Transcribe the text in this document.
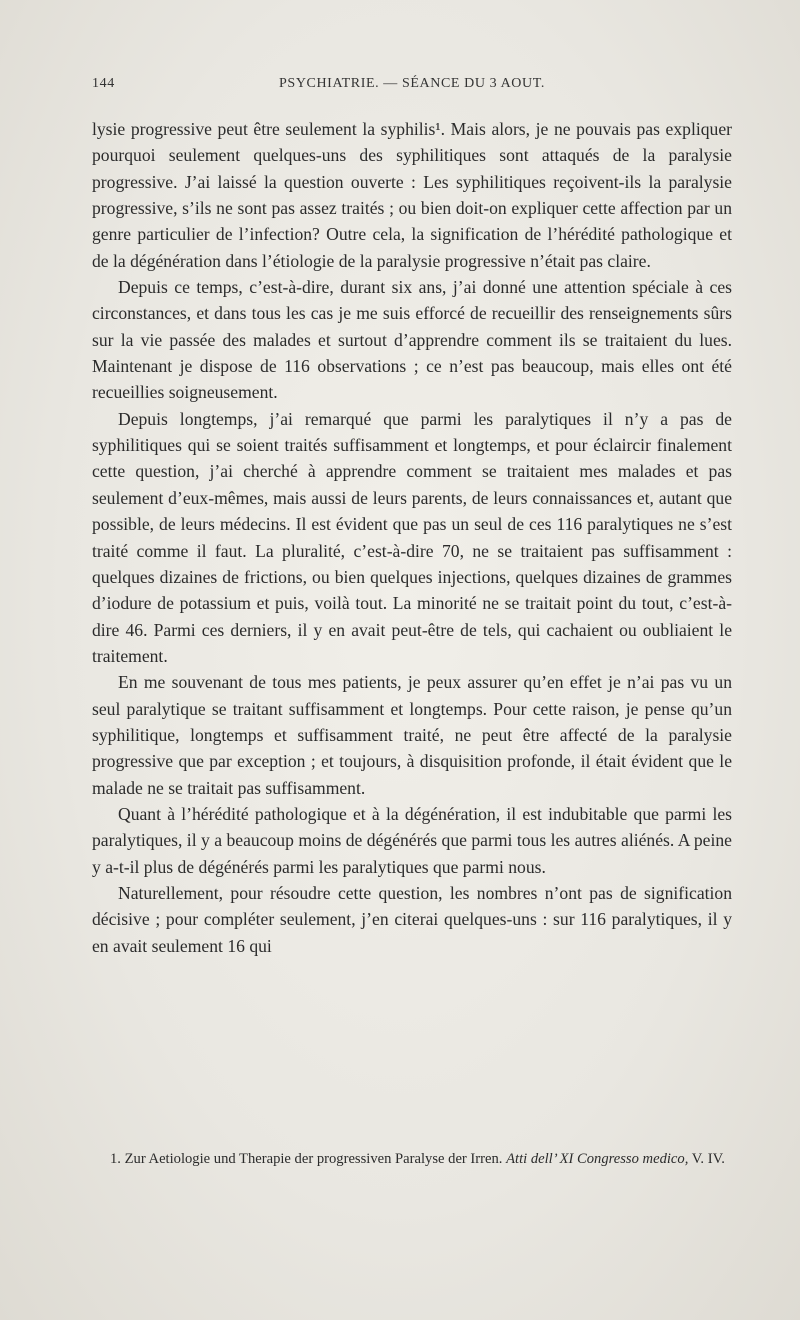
144	PSYCHIATRIE. — SÉANCE DU 3 AOUT.

lysie progressive peut être seulement la syphilis¹. Mais alors, je ne pouvais pas expliquer pourquoi seulement quelques-uns des syphilitiques sont attaqués de la paralysie progressive. J’ai laissé la question ouverte : Les syphilitiques reçoivent-ils la paralysie progressive, s’ils ne sont pas assez traités ; ou bien doit-on expliquer cette affection par un genre particulier de l’infection? Outre cela, la signification de l’hérédité pathologique et de la dégénération dans l’étiologie de la paralysie progressive n’était pas claire.

Depuis ce temps, c’est-à-dire, durant six ans, j’ai donné une attention spéciale à ces circonstances, et dans tous les cas je me suis efforcé de recueillir des renseignements sûrs sur la vie passée des malades et surtout d’apprendre comment ils se traitaient du lues. Maintenant je dispose de 116 observations ; ce n’est pas beaucoup, mais elles ont été recueillies soigneusement.

Depuis longtemps, j’ai remarqué que parmi les paralytiques il n’y a pas de syphilitiques qui se soient traités suffisamment et longtemps, et pour éclaircir finalement cette question, j’ai cherché à apprendre comment se traitaient mes malades et pas seulement d’eux-mêmes, mais aussi de leurs parents, de leurs connaissances et, autant que possible, de leurs médecins. Il est évident que pas un seul de ces 116 paralytiques ne s’est traité comme il faut. La pluralité, c’est-à-dire 70, ne se traitaient pas suffisamment : quelques dizaines de frictions, ou bien quelques injections, quelques dizaines de grammes d’iodure de potassium et puis, voilà tout. La minorité ne se traitait point du tout, c’est-à-dire 46. Parmi ces derniers, il y en avait peut-être de tels, qui cachaient ou oubliaient le traitement.

En me souvenant de tous mes patients, je peux assurer qu’en effet je n’ai pas vu un seul paralytique se traitant suffisamment et longtemps. Pour cette raison, je pense qu’un syphilitique, longtemps et suffisamment traité, ne peut être affecté de la paralysie progressive que par exception ; et toujours, à disquisition profonde, il était évident que le malade ne se traitait pas suffisamment.

Quant à l’hérédité pathologique et à la dégénération, il est indubitable que parmi les paralytiques, il y a beaucoup moins de dégénérés que parmi tous les autres aliénés. A peine y a-t-il plus de dégénérés parmi les paralytiques que parmi nous.

Naturellement, pour résoudre cette question, les nombres n’ont pas de signification décisive ; pour compléter seulement, j’en citerai quelques-uns : sur 116 paralytiques, il y en avait seulement 16 qui

1. Zur Aetiologie und Therapie der progressiven Paralyse der Irren. Atti dell’ XI Congresso medico, V. IV.
